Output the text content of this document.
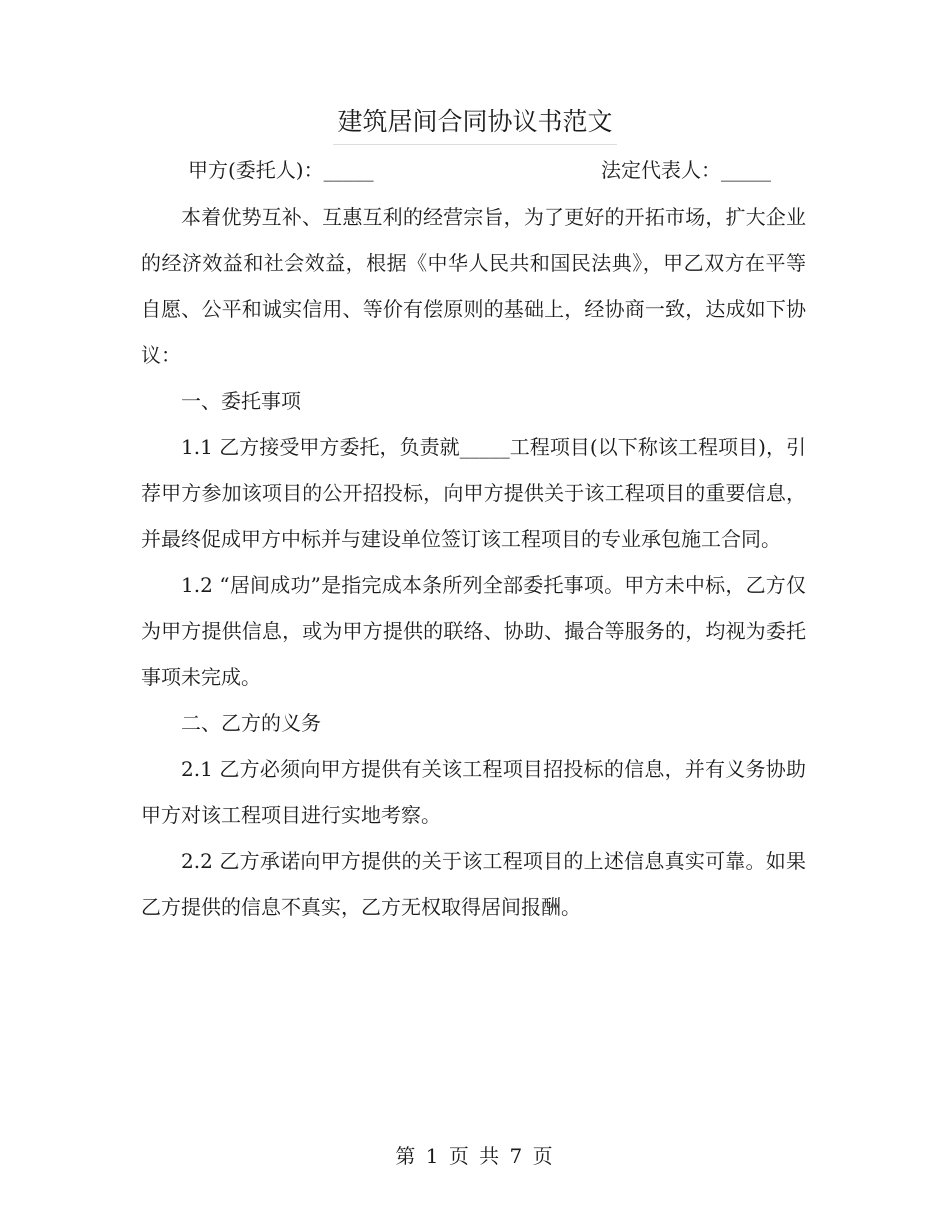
建筑居间合同协议书范文
甲方(委托人)：_____	法定代表人：_____

本着优势互补、互惠互利的经营宗旨，为了更好的开拓市场，扩大企业的经济效益和社会效益，根据《中华人民共和国民法典》，甲乙双方在平等自愿、公平和诚实信用、等价有偿原则的基础上，经协商一致，达成如下协议：

一、委托事项

1.1 乙方接受甲方委托，负责就_____工程项目(以下称该工程项目)，引荐甲方参加该项目的公开招投标，向甲方提供关于该工程项目的重要信息，并最终促成甲方中标并与建设单位签订该工程项目的专业承包施工合同。

1.2 “居间成功”是指完成本条所列全部委托事项。甲方未中标，乙方仅为甲方提供信息，或为甲方提供的联络、协助、撮合等服务的，均视为委托事项未完成。

二、乙方的义务

2.1 乙方必须向甲方提供有关该工程项目招投标的信息，并有义务协助甲方对该工程项目进行实地考察。

2.2 乙方承诺向甲方提供的关于该工程项目的上述信息真实可靠。如果乙方提供的信息不真实，乙方无权取得居间报酬。

第 1 页 共 7 页
